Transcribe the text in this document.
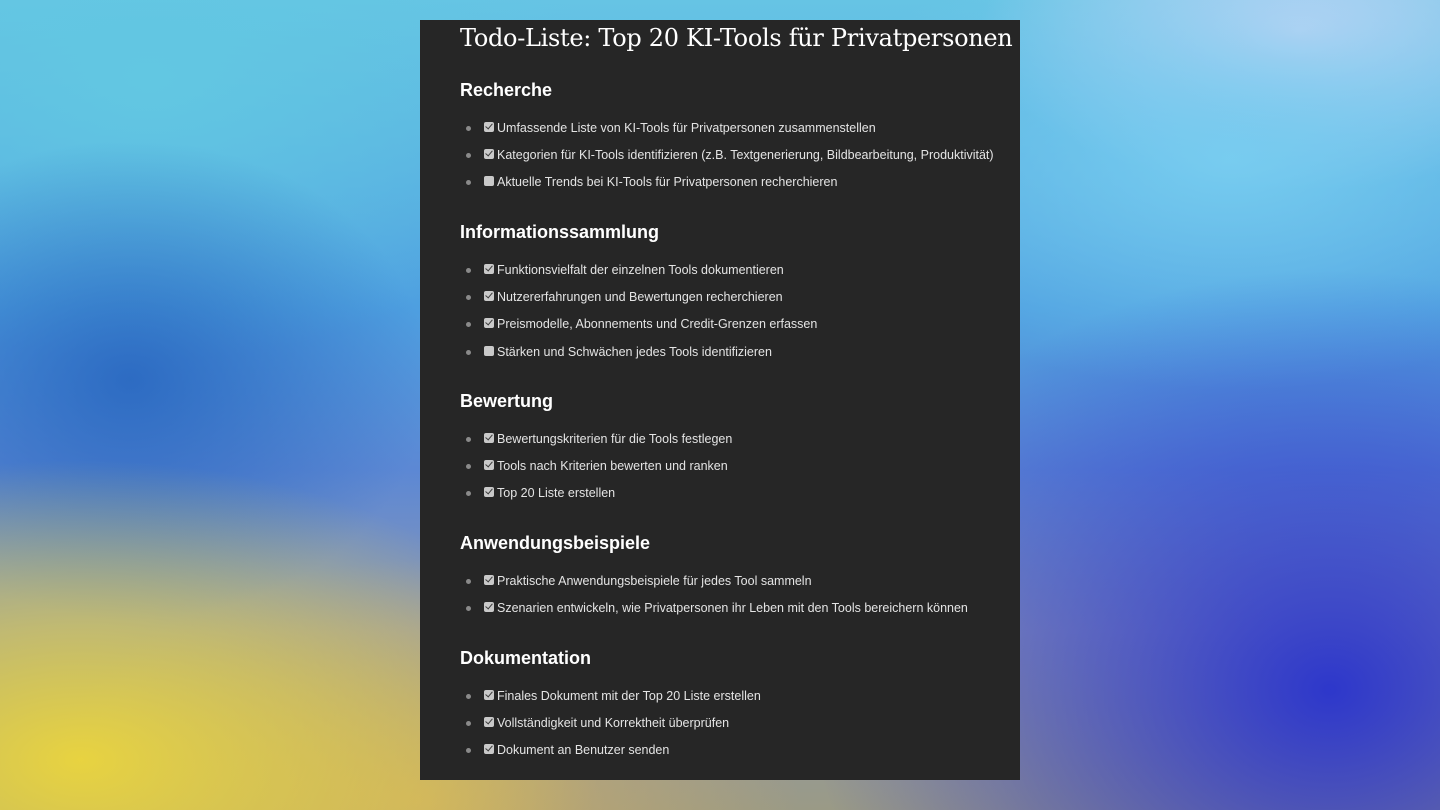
Todo-Liste: Top 20 KI-Tools für Privatpersonen
Recherche
Umfassende Liste von KI-Tools für Privatpersonen zusammenstellen
Kategorien für KI-Tools identifizieren (z.B. Textgenerierung, Bildbearbeitung, Produktivität)
Aktuelle Trends bei KI-Tools für Privatpersonen recherchieren
Informationssammlung
Funktionsvielfalt der einzelnen Tools dokumentieren
Nutzererfahrungen und Bewertungen recherchieren
Preismodelle, Abonnements und Credit-Grenzen erfassen
Stärken und Schwächen jedes Tools identifizieren
Bewertung
Bewertungskriterien für die Tools festlegen
Tools nach Kriterien bewerten und ranken
Top 20 Liste erstellen
Anwendungsbeispiele
Praktische Anwendungsbeispiele für jedes Tool sammeln
Szenarien entwickeln, wie Privatpersonen ihr Leben mit den Tools bereichern können
Dokumentation
Finales Dokument mit der Top 20 Liste erstellen
Vollständigkeit und Korrektheit überprüfen
Dokument an Benutzer senden
